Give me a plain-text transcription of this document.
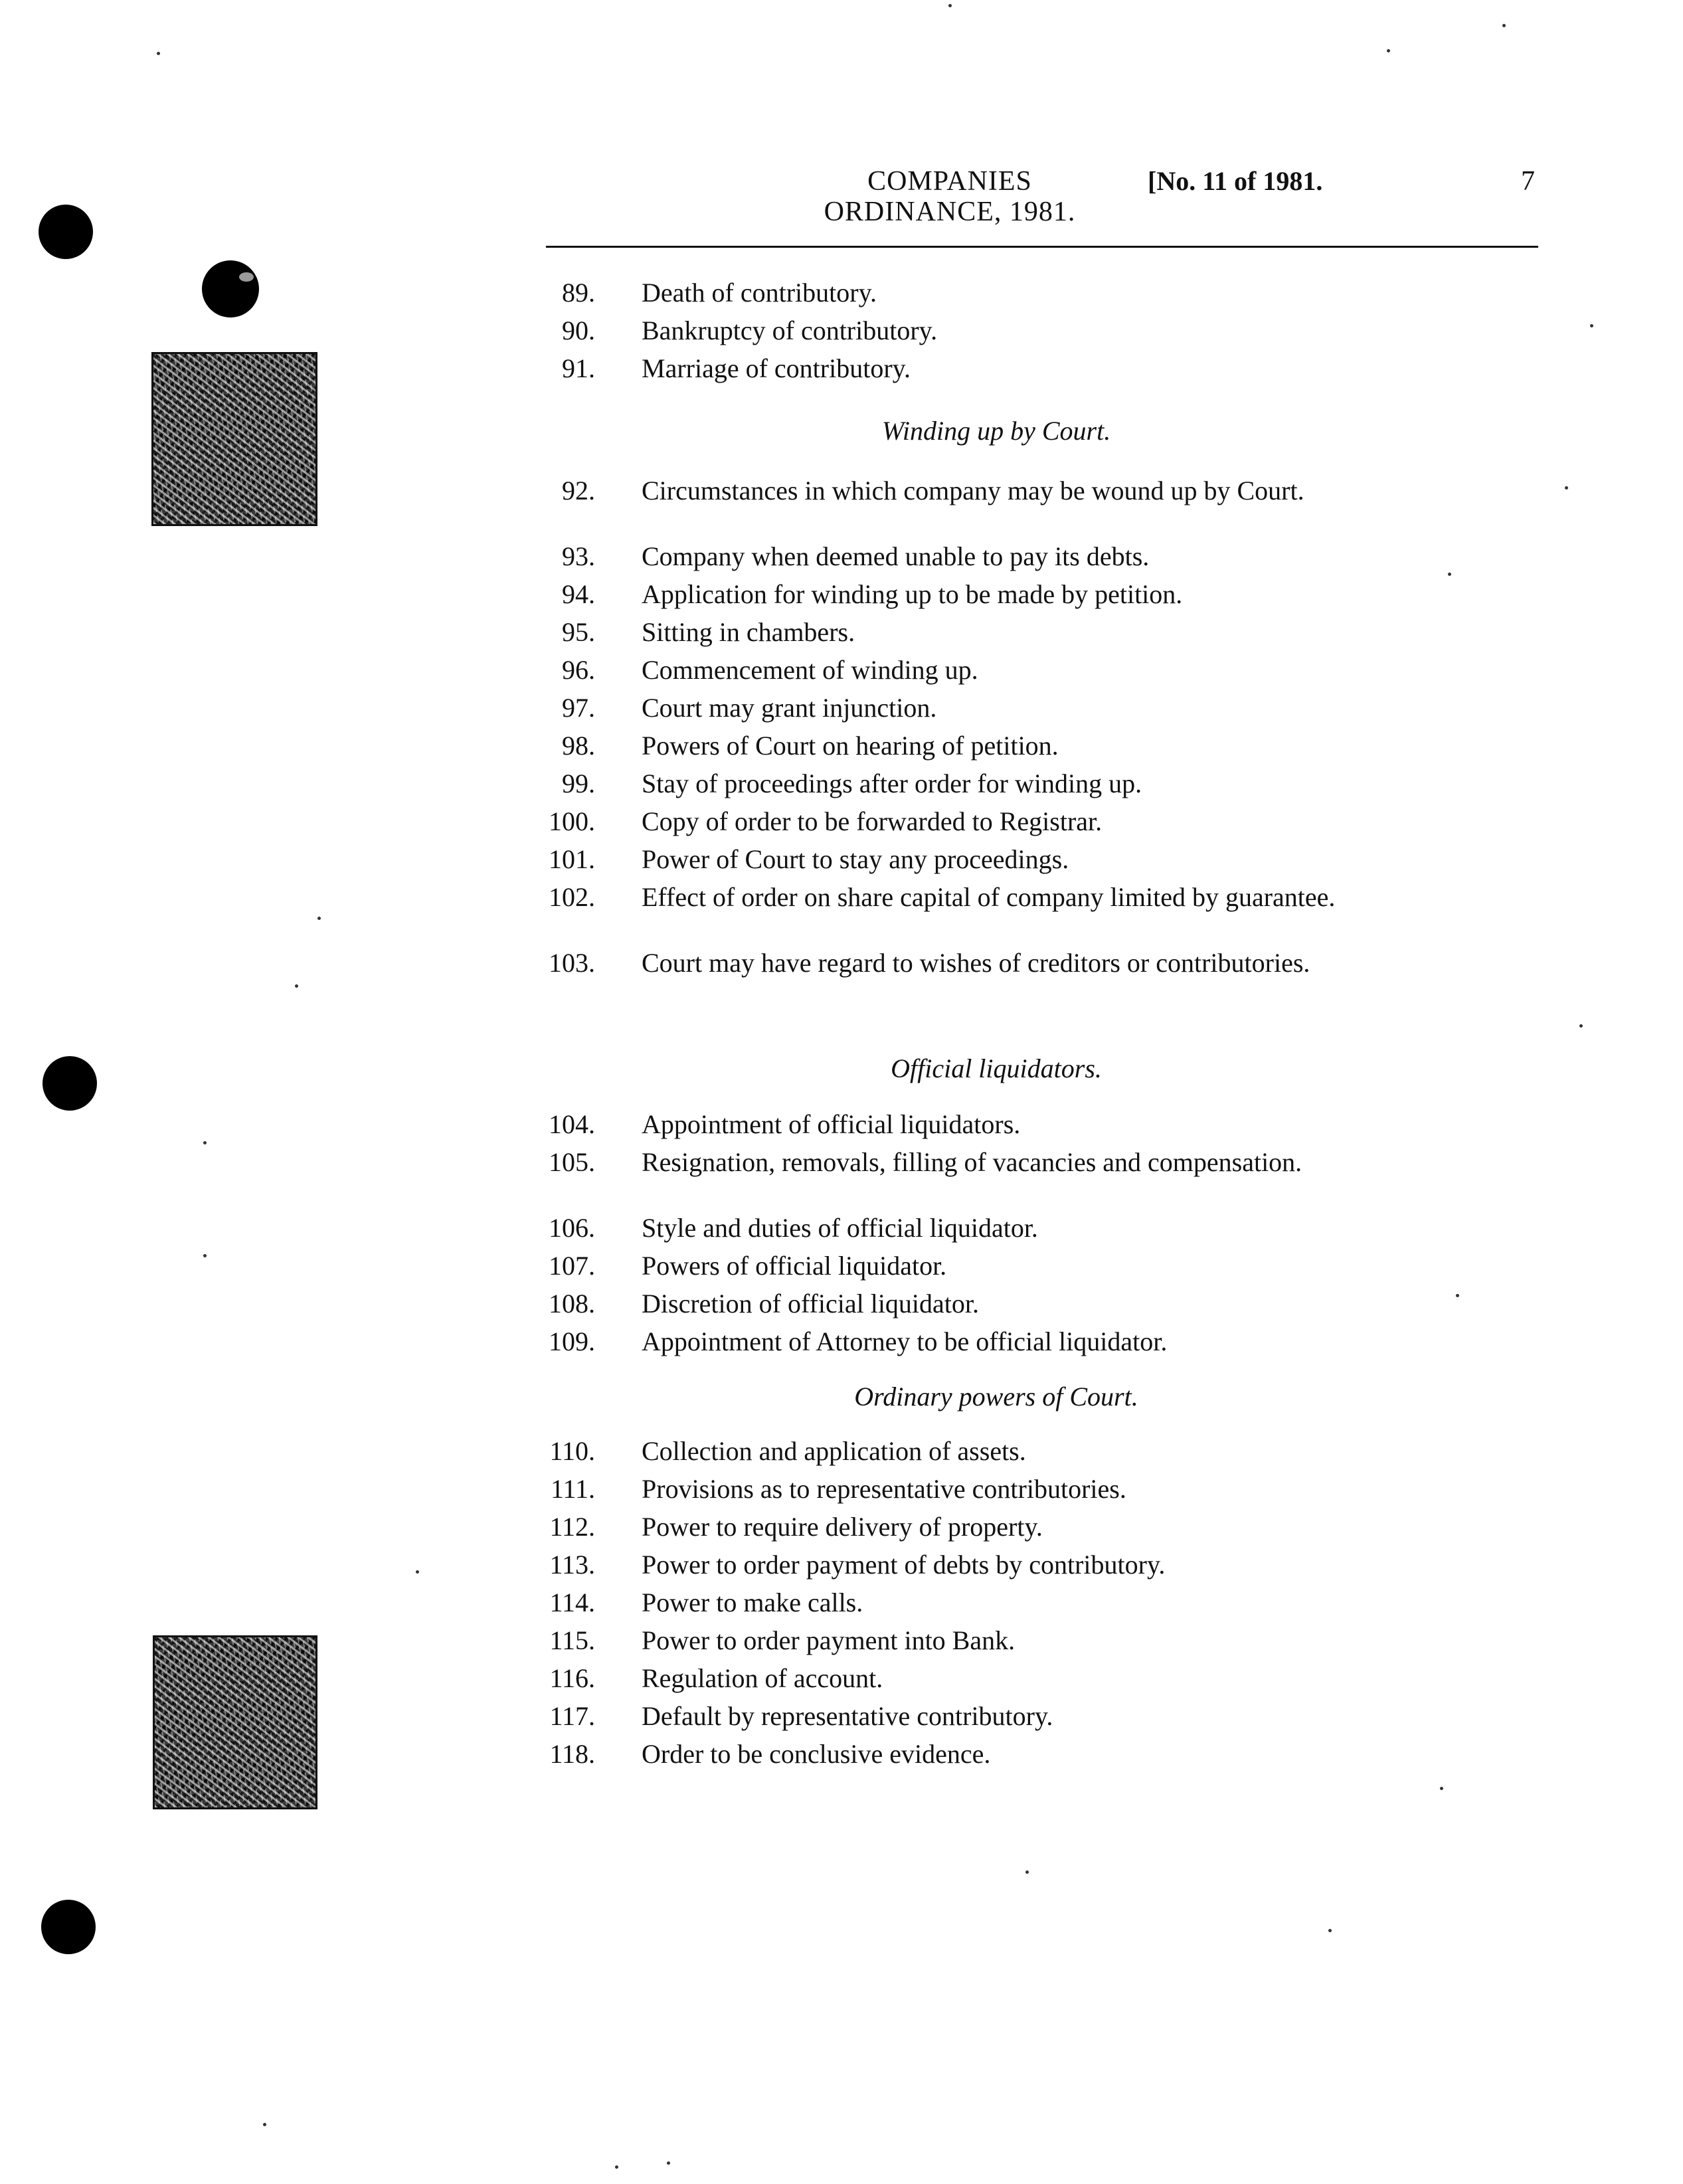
COMPANIES
ORDINANCE, 1981.
[No. 11 of 1981.	7
89. Death of contributory.
90. Bankruptcy of contributory.
91. Marriage of contributory.
Winding up by Court.
92. Circumstances in which company may be wound up by Court.
93. Company when deemed unable to pay its debts.
94. Application for winding up to be made by petition.
95. Sitting in chambers.
96. Commencement of winding up.
97. Court may grant injunction.
98. Powers of Court on hearing of petition.
99. Stay of proceedings after order for winding up.
100. Copy of order to be forwarded to Registrar.
101. Power of Court to stay any proceedings.
102. Effect of order on share capital of company limited by guarantee.
103. Court may have regard to wishes of creditors or contributories.
Official liquidators.
104. Appointment of official liquidators.
105. Resignation, removals, filling of vacancies and compensation.
106. Style and duties of official liquidator.
107. Powers of official liquidator.
108. Discretion of official liquidator.
109. Appointment of Attorney to be official liquidator.
Ordinary powers of Court.
110. Collection and application of assets.
111. Provisions as to representative contributories.
112. Power to require delivery of property.
113. Power to order payment of debts by contributory.
114. Power to make calls.
115. Power to order payment into Bank.
116. Regulation of account.
117. Default by representative contributory.
118. Order to be conclusive evidence.
